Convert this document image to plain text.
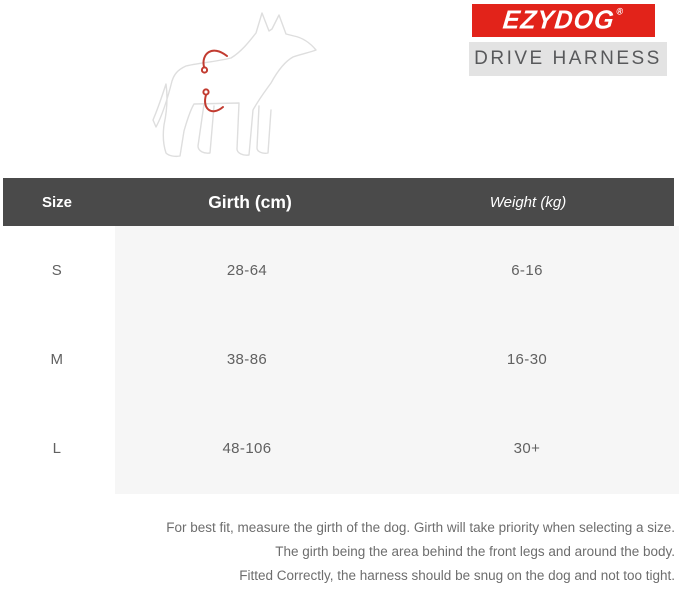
EZYDOG®
DRIVE HARNESS
Size	Girth (cm)	Weight (kg)
S	28-64	6-16
M	38-86	16-30
L	48-106	30+
For best fit, measure the girth of the dog. Girth will take priority when selecting a size.
The girth being the area behind the front legs and around the body.
Fitted Correctly, the harness should be snug on the dog and not too tight.
